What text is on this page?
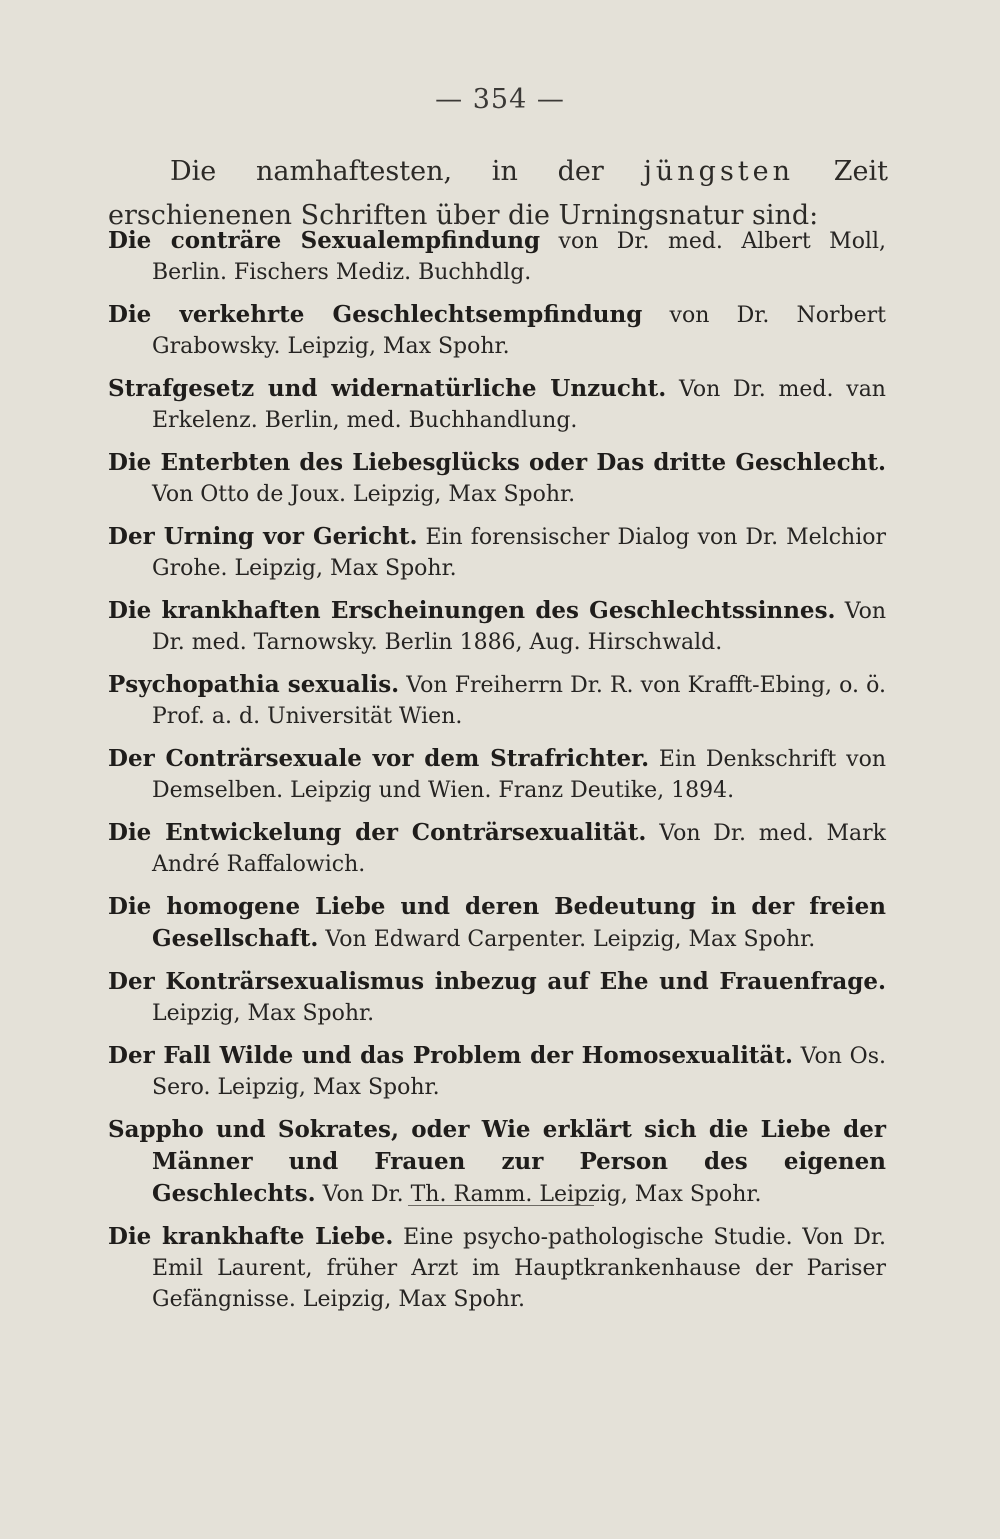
— 354 —

Die namhaftesten, in der jüngsten Zeit erschienenen Schriften über die Urningsnatur sind:

Die conträre Sexualempfindung von Dr. med. Albert Moll, Berlin. Fischers Mediz. Buchhdlg.

Die verkehrte Geschlechtsempfindung von Dr. Norbert Grabowsky. Leipzig, Max Spohr.

Strafgesetz und widernatürliche Unzucht. Von Dr. med. van Erkelenz. Berlin, med. Buchhandlung.

Die Enterbten des Liebesglücks oder Das dritte Geschlecht. Von Otto de Joux. Leipzig, Max Spohr.

Der Urning vor Gericht. Ein forensischer Dialog von Dr. Melchior Grohe. Leipzig, Max Spohr.

Die krankhaften Erscheinungen des Geschlechtssinnes. Von Dr. med. Tarnowsky. Berlin 1886, Aug. Hirschwald.

Psychopathia sexualis. Von Freiherrn Dr. R. von Krafft-Ebing, o. ö. Prof. a. d. Universität Wien.

Der Conträrsexuale vor dem Strafrichter. Ein Denkschrift von Demselben. Leipzig und Wien. Franz Deutike, 1894.

Die Entwickelung der Conträrsexualität. Von Dr. med. Mark André Raffalowich.

Die homogene Liebe und deren Bedeutung in der freien Gesellschaft. Von Edward Carpenter. Leipzig, Max Spohr.

Der Konträrsexualismus inbezug auf Ehe und Frauenfrage. Leipzig, Max Spohr.

Der Fall Wilde und das Problem der Homosexualität. Von Os. Sero. Leipzig, Max Spohr.

Sappho und Sokrates, oder Wie erklärt sich die Liebe der Männer und Frauen zur Person des eigenen Geschlechts. Von Dr. Th. Ramm. Leipzig, Max Spohr.

Die krankhafte Liebe. Eine psycho-pathologische Studie. Von Dr. Emil Laurent, früher Arzt im Hauptkrankenhause der Pariser Gefängnisse. Leipzig, Max Spohr.
